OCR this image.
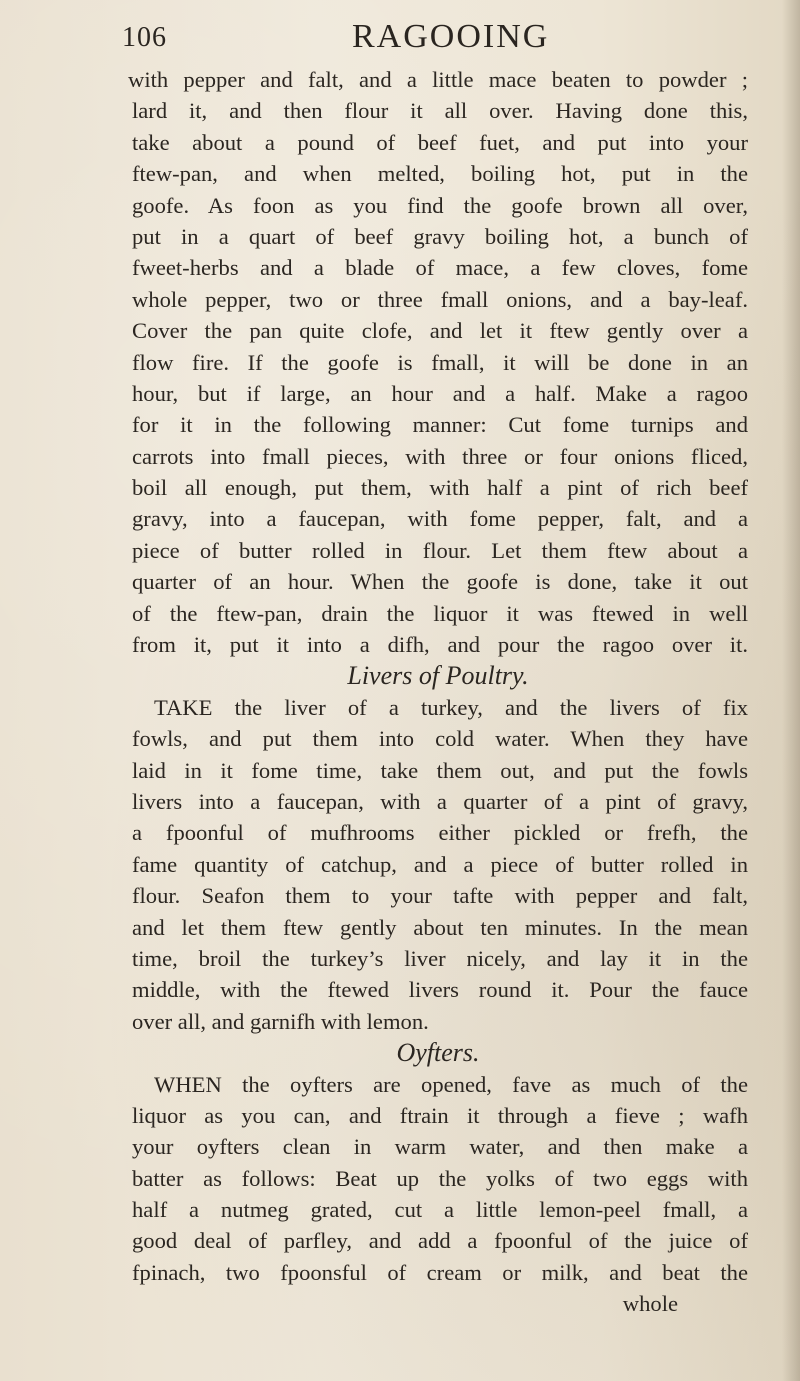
106	RAGOOING
with pepper and falt, and a little mace beaten to powder ;
lard it, and then flour it all over. Having done this,
take about a pound of beef fuet, and put into your
ftew-pan, and when melted, boiling hot, put in the
goofe. As foon as you find the goofe brown all over,
put in a quart of beef gravy boiling hot, a bunch of
fweet-herbs and a blade of mace, a few cloves, fome
whole pepper, two or three fmall onions, and a bay-leaf.
Cover the pan quite clofe, and let it ftew gently over a
flow fire. If the goofe is fmall, it will be done in an
hour, but if large, an hour and a half. Make a ragoo
for it in the following manner: Cut fome turnips and
carrots into fmall pieces, with three or four onions fliced,
boil all enough, put them, with half a pint of rich beef
gravy, into a faucepan, with fome pepper, falt, and a
piece of butter rolled in flour. Let them ftew about a
quarter of an hour. When the goofe is done, take it out
of the ftew-pan, drain the liquor it was ftewed in well
from it, put it into a difh, and pour the ragoo over it.
Livers of Poultry.
TAKE the liver of a turkey, and the livers of fix
fowls, and put them into cold water. When they have
laid in it fome time, take them out, and put the fowls
livers into a faucepan, with a quarter of a pint of gravy,
a fpoonful of mufhrooms either pickled or frefh, the
fame quantity of catchup, and a piece of butter rolled in
flour. Seafon them to your tafte with pepper and falt,
and let them ftew gently about ten minutes. In the mean
time, broil the turkey’s liver nicely, and lay it in the
middle, with the ftewed livers round it. Pour the fauce
over all, and garnifh with lemon.
Oyfters.
WHEN the oyfters are opened, fave as much of the
liquor as you can, and ftrain it through a fieve ; wafh
your oyfters clean in warm water, and then make a
batter as follows: Beat up the yolks of two eggs with
half a nutmeg grated, cut a little lemon-peel fmall, a
good deal of parfley, and add a fpoonful of the juice of
fpinach, two fpoonsful of cream or milk, and beat the
whole
